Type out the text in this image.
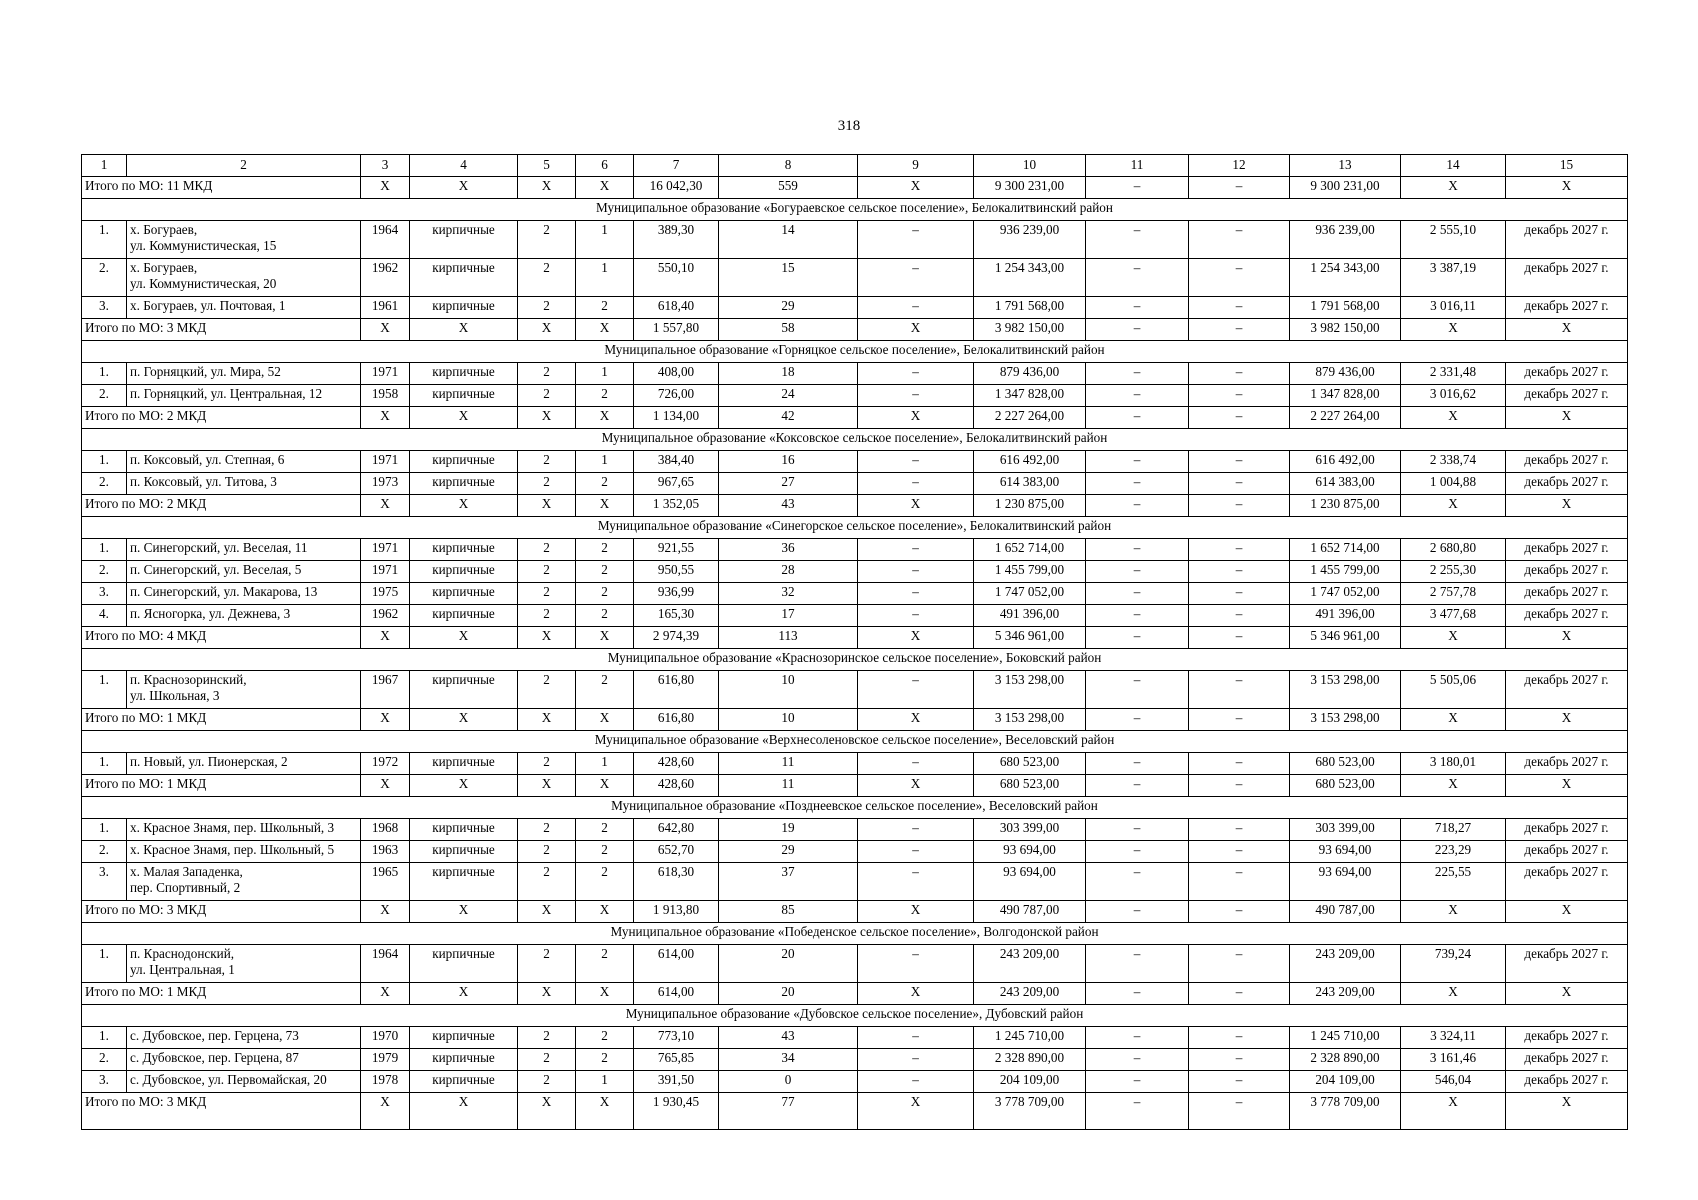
318
1	2	3	4	5	6	7	8	9	10	11	12	13	14	15
Итого по МО: 11 МКД		X	X	X	X	16 042,30	559	X	9 300 231,00	–	–	9 300 231,00	X	X
Муниципальное образование «Богураевское сельское поселение», Белокалитвинский район														
1.	х. Богураев,
ул. Коммунистическая, 15	1964	кирпичные	2	1	389,30	14	–	936 239,00	–	–	936 239,00	2 555,10	декабрь 2027 г.
2.	х. Богураев,
ул. Коммунистическая, 20	1962	кирпичные	2	1	550,10	15	–	1 254 343,00	–	–	1 254 343,00	3 387,19	декабрь 2027 г.
3.	х. Богураев, ул. Почтовая, 1	1961	кирпичные	2	2	618,40	29	–	1 791 568,00	–	–	1 791 568,00	3 016,11	декабрь 2027 г.
Итого по МО: 3 МКД		X	X	X	X	1 557,80	58	X	3 982 150,00	–	–	3 982 150,00	X	X
Муниципальное образование «Горняцкое сельское поселение», Белокалитвинский район														
1.	п. Горняцкий, ул. Мира, 52	1971	кирпичные	2	1	408,00	18	–	879 436,00	–	–	879 436,00	2 331,48	декабрь 2027 г.
2.	п. Горняцкий, ул. Центральная, 12	1958	кирпичные	2	2	726,00	24	–	1 347 828,00	–	–	1 347 828,00	3 016,62	декабрь 2027 г.
Итого по МО: 2 МКД		X	X	X	X	1 134,00	42	X	2 227 264,00	–	–	2 227 264,00	X	X
Муниципальное образование «Коксовское сельское поселение», Белокалитвинский район														
1.	п. Коксовый, ул. Степная, 6	1971	кирпичные	2	1	384,40	16	–	616 492,00	–	–	616 492,00	2 338,74	декабрь 2027 г.
2.	п. Коксовый, ул. Титова, 3	1973	кирпичные	2	2	967,65	27	–	614 383,00	–	–	614 383,00	1 004,88	декабрь 2027 г.
Итого по МО: 2 МКД		X	X	X	X	1 352,05	43	X	1 230 875,00	–	–	1 230 875,00	X	X
Муниципальное образование «Синегорское сельское поселение», Белокалитвинский район														
1.	п. Синегорский, ул. Веселая, 11	1971	кирпичные	2	2	921,55	36	–	1 652 714,00	–	–	1 652 714,00	2 680,80	декабрь 2027 г.
2.	п. Синегорский, ул. Веселая, 5	1971	кирпичные	2	2	950,55	28	–	1 455 799,00	–	–	1 455 799,00	2 255,30	декабрь 2027 г.
3.	п. Синегорский, ул. Макарова, 13	1975	кирпичные	2	2	936,99	32	–	1 747 052,00	–	–	1 747 052,00	2 757,78	декабрь 2027 г.
4.	п. Ясногорка, ул. Дежнева, 3	1962	кирпичные	2	2	165,30	17	–	491 396,00	–	–	491 396,00	3 477,68	декабрь 2027 г.
Итого по МО: 4 МКД		X	X	X	X	2 974,39	113	X	5 346 961,00	–	–	5 346 961,00	X	X
Муниципальное образование «Краснозоринское сельское поселение», Боковский район														
1.	п. Краснозоринский,
ул. Школьная, 3	1967	кирпичные	2	2	616,80	10	–	3 153 298,00	–	–	3 153 298,00	5 505,06	декабрь 2027 г.
Итого по МО: 1 МКД		X	X	X	X	616,80	10	X	3 153 298,00	–	–	3 153 298,00	X	X
Муниципальное образование «Верхнесоленовское сельское поселение», Веселовский район														
1.	п. Новый, ул. Пионерская, 2	1972	кирпичные	2	1	428,60	11	–	680 523,00	–	–	680 523,00	3 180,01	декабрь 2027 г.
Итого по МО: 1 МКД		X	X	X	X	428,60	11	X	680 523,00	–	–	680 523,00	X	X
Муниципальное образование «Позднеевское сельское поселение», Веселовский район														
1.	х. Красное Знамя, пер. Школьный, 3	1968	кирпичные	2	2	642,80	19	–	303 399,00	–	–	303 399,00	718,27	декабрь 2027 г.
2.	х. Красное Знамя, пер. Школьный, 5	1963	кирпичные	2	2	652,70	29	–	93 694,00	–	–	93 694,00	223,29	декабрь 2027 г.
3.	х. Малая Западенка,
пер. Спортивный, 2	1965	кирпичные	2	2	618,30	37	–	93 694,00	–	–	93 694,00	225,55	декабрь 2027 г.
Итого по МО: 3 МКД		X	X	X	X	1 913,80	85	X	490 787,00	–	–	490 787,00	X	X
Муниципальное образование «Победенское сельское поселение», Волгодонской район														
1.	п. Краснодонский,
ул. Центральная, 1	1964	кирпичные	2	2	614,00	20	–	243 209,00	–	–	243 209,00	739,24	декабрь 2027 г.
Итого по МО: 1 МКД		X	X	X	X	614,00	20	X	243 209,00	–	–	243 209,00	X	X
Муниципальное образование «Дубовское сельское поселение», Дубовский район														
1.	с. Дубовское, пер. Герцена, 73	1970	кирпичные	2	2	773,10	43	–	1 245 710,00	–	–	1 245 710,00	3 324,11	декабрь 2027 г.
2.	с. Дубовское, пер. Герцена, 87	1979	кирпичные	2	2	765,85	34	–	2 328 890,00	–	–	2 328 890,00	3 161,46	декабрь 2027 г.
3.	с. Дубовское, ул. Первомайская, 20	1978	кирпичные	2	1	391,50	0	–	204 109,00	–	–	204 109,00	546,04	декабрь 2027 г.
Итого по МО: 3 МКД		X	X	X	X	1 930,45	77	X	3 778 709,00	–	–	3 778 709,00	X	X
